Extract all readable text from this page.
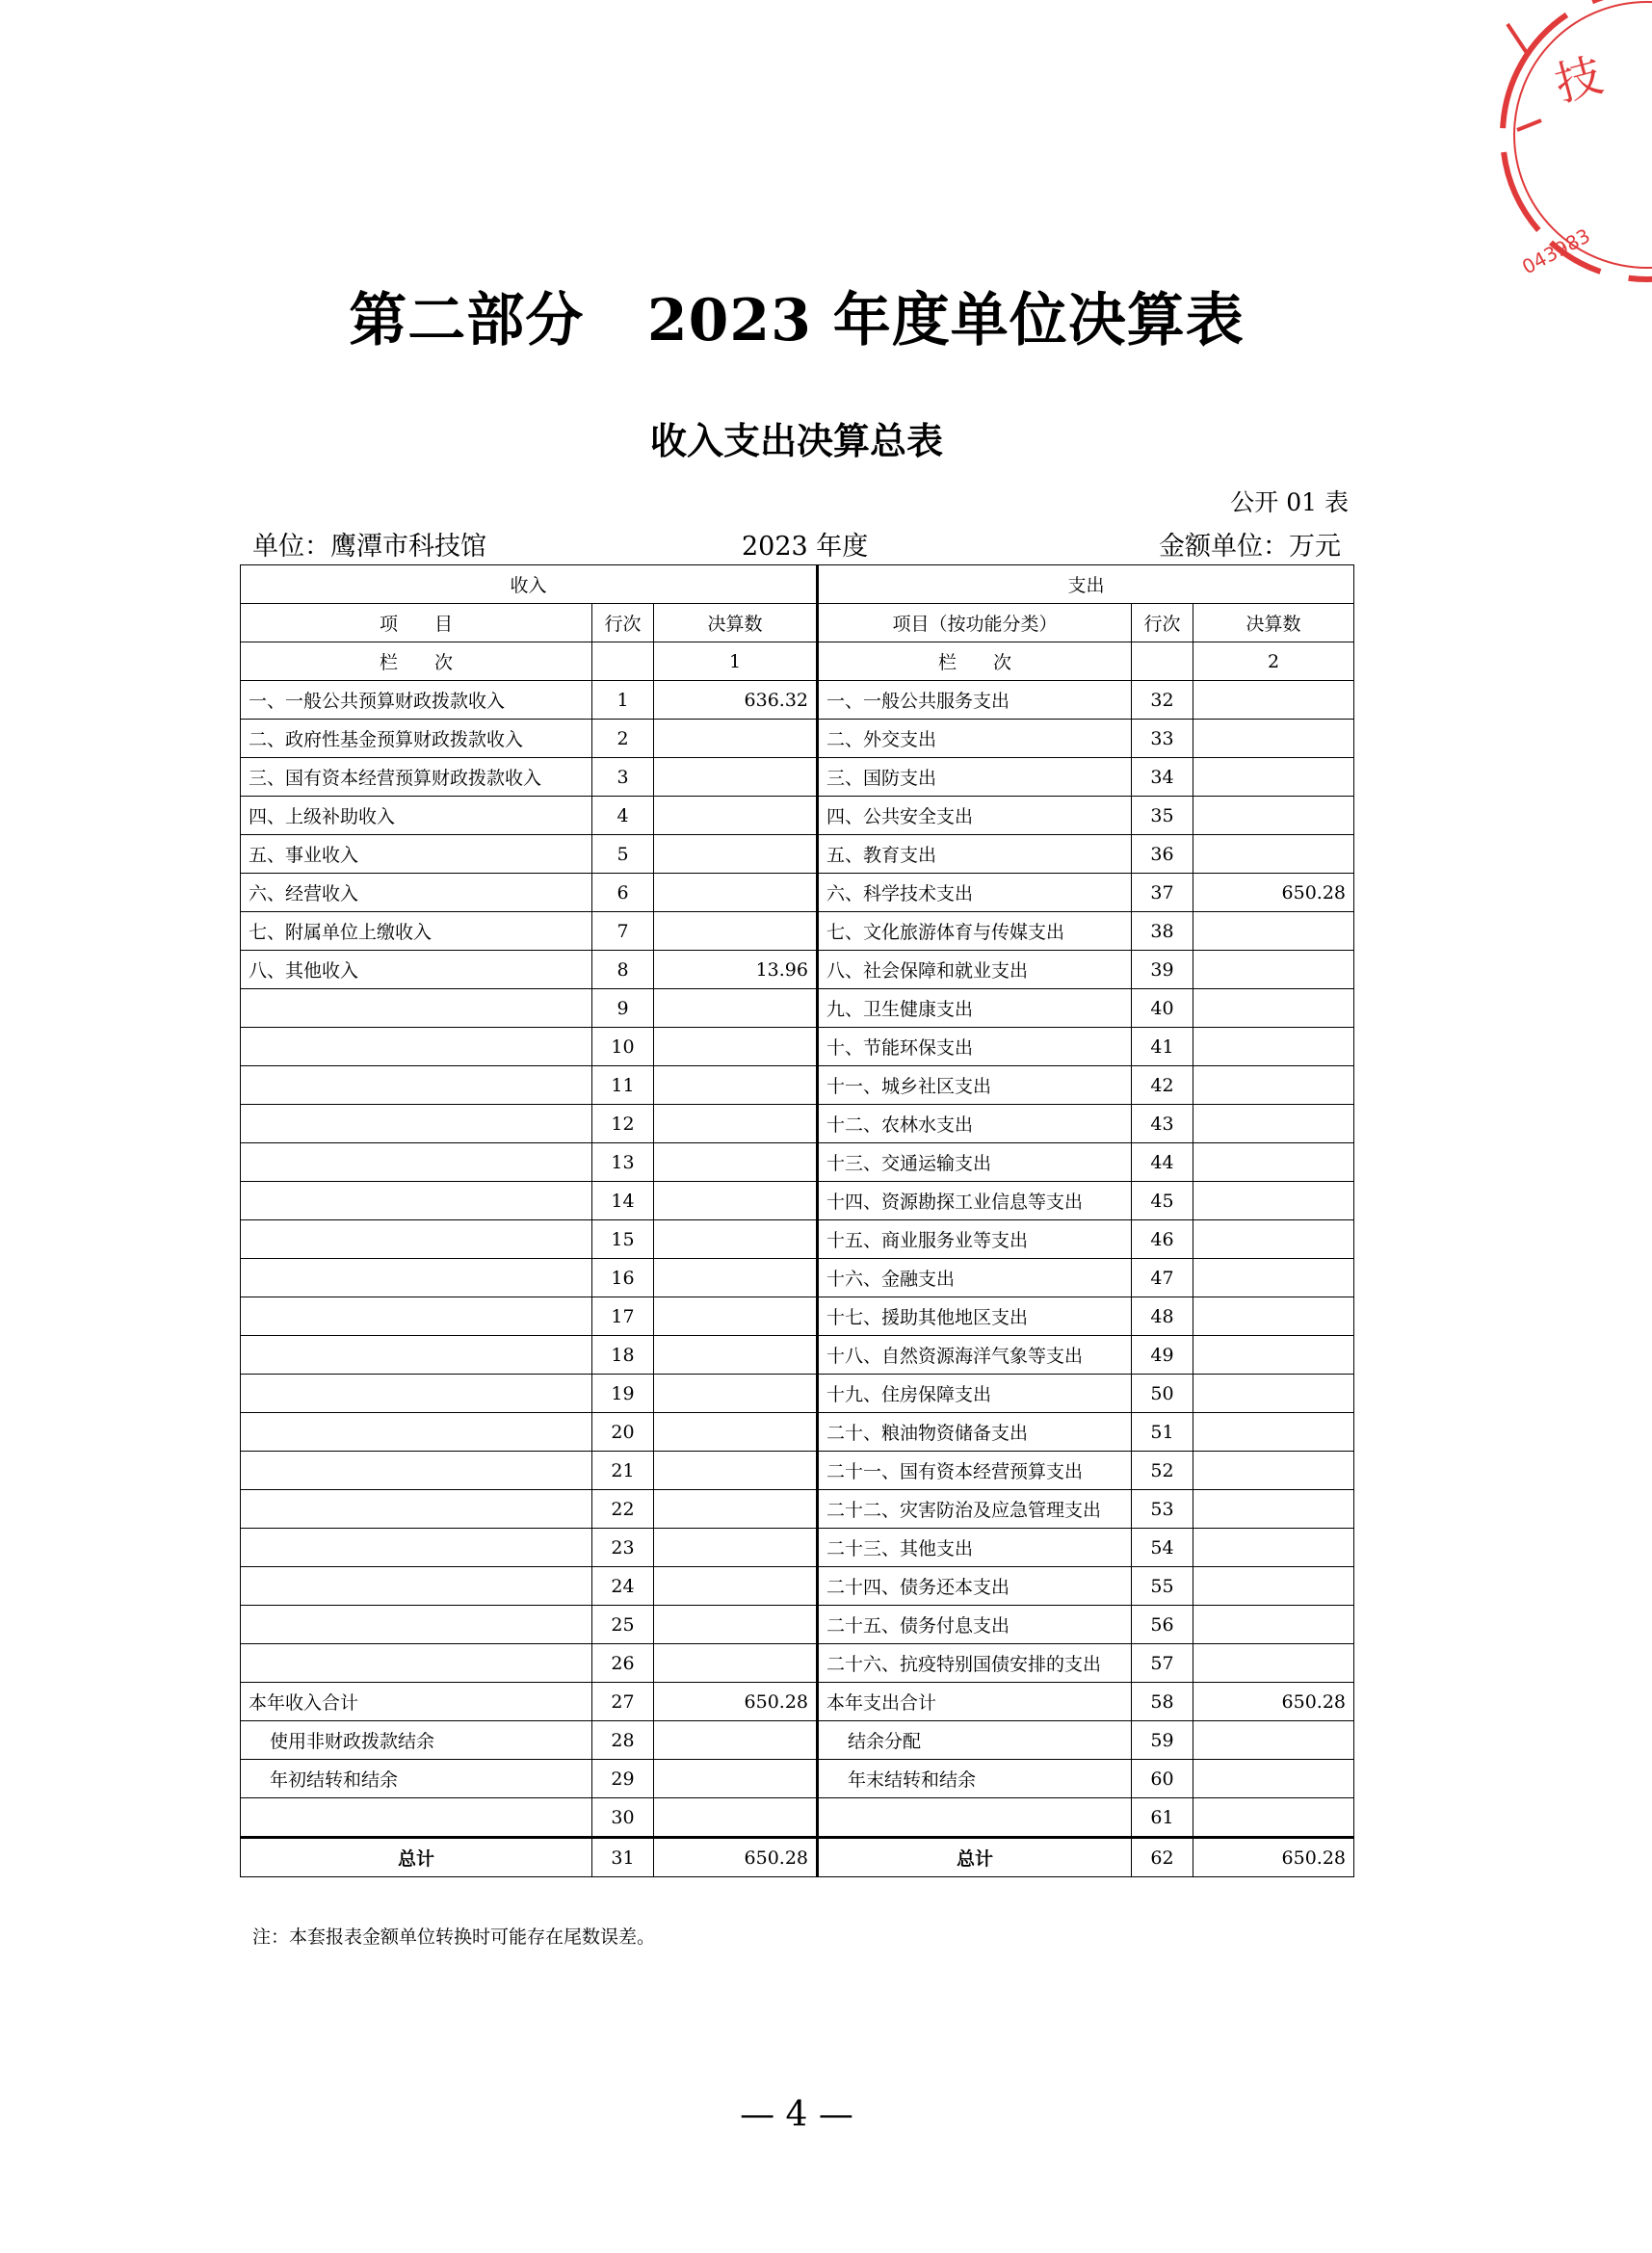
第二部分   2023 年度单位决算表
收入支出决算总表
公开 01 表
单位：鹰潭市科技馆	2023 年度	金额单位：万元
技
043983
收入			支出		
项　　目	行次	决算数	项目（按功能分类）	行次	决算数
栏　　次		1	栏　　次		2
一、一般公共预算财政拨款收入	1	636.32	一、一般公共服务支出	32	
二、政府性基金预算财政拨款收入	2		二、外交支出	33	
三、国有资本经营预算财政拨款收入	3		三、国防支出	34	
四、上级补助收入	4		四、公共安全支出	35	
五、事业收入	5		五、教育支出	36	
六、经营收入	6		六、科学技术支出	37	650.28
七、附属单位上缴收入	7		七、文化旅游体育与传媒支出	38	
八、其他收入	8	13.96	八、社会保障和就业支出	39	
	9		九、卫生健康支出	40	
	10		十、节能环保支出	41	
	11		十一、城乡社区支出	42	
	12		十二、农林水支出	43	
	13		十三、交通运输支出	44	
	14		十四、资源勘探工业信息等支出	45	
	15		十五、商业服务业等支出	46	
	16		十六、金融支出	47	
	17		十七、援助其他地区支出	48	
	18		十八、自然资源海洋气象等支出	49	
	19		十九、住房保障支出	50	
	20		二十、粮油物资储备支出	51	
	21		二十一、国有资本经营预算支出	52	
	22		二十二、灾害防治及应急管理支出	53	
	23		二十三、其他支出	54	
	24		二十四、债务还本支出	55	
	25		二十五、债务付息支出	56	
	26		二十六、抗疫特别国债安排的支出	57	
本年收入合计	27	650.28	本年支出合计	58	650.28
使用非财政拨款结余	28		结余分配	59	
年初结转和结余	29		年末结转和结余	60	
	30			61	
总计	31	650.28	总计	62	650.28
注：本套报表金额单位转换时可能存在尾数误差。
— 4 —
